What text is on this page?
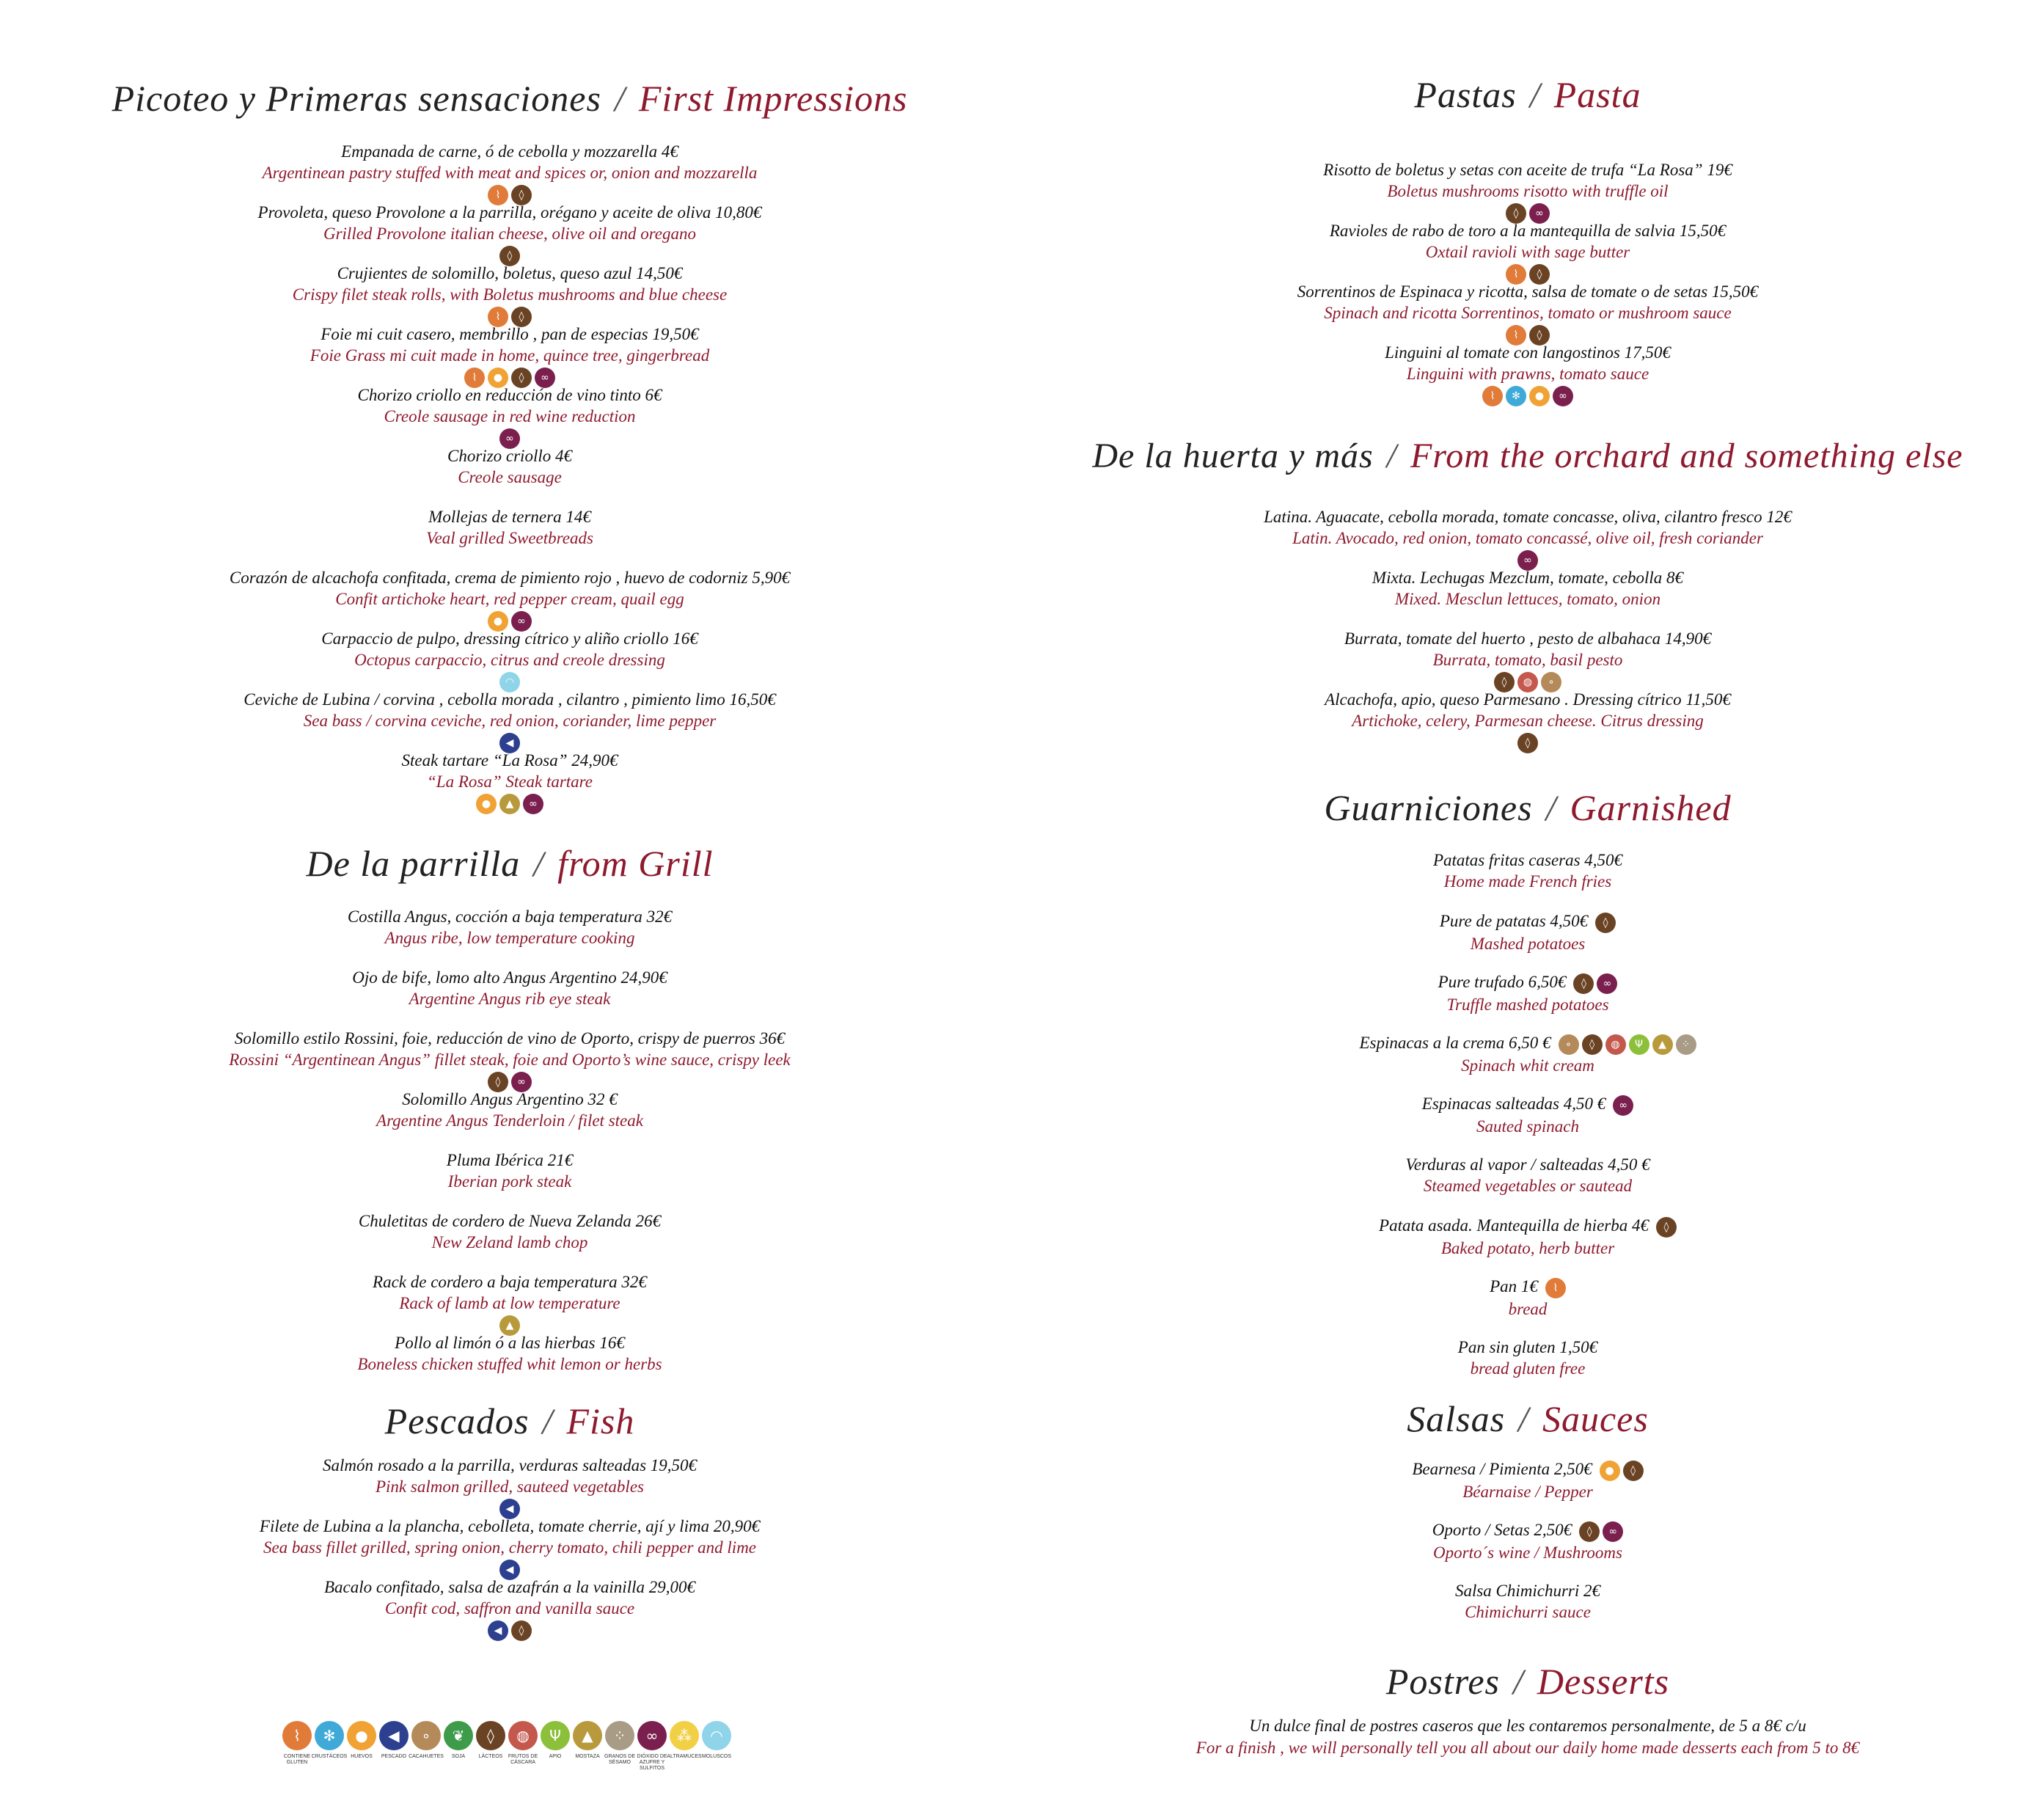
Picoteo y Primeras sensaciones / First Impressions
Empanada de carne, ó de cebolla y mozzarella 4€
Argentinean pastry stuffed with meat and spices or, onion and mozzarella
⌇	◊
Provoleta, queso Provolone a la parrilla, orégano y aceite de oliva 10,80€
Grilled Provolone italian cheese, olive oil and oregano
◊
Crujientes de solomillo, boletus, queso azul 14,50€
Crispy filet steak rolls, with Boletus mushrooms and blue cheese
⌇	◊
Foie mi cuit casero, membrillo , pan de especias 19,50€
Foie Grass mi cuit made in home, quince tree, gingerbread
⌇	●	◊	∞
Chorizo criollo en reducción de vino tinto 6€
Creole sausage in red wine reduction
∞
Chorizo criollo 4€
Creole sausage
Mollejas de ternera 14€
Veal grilled Sweetbreads
Corazón de alcachofa confitada, crema de pimiento rojo , huevo de codorniz 5,90€
Confit artichoke heart, red pepper cream, quail egg
●	∞
Carpaccio de pulpo, dressing cítrico y aliño criollo 16€
Octopus carpaccio, citrus and creole dressing
◠
Ceviche de Lubina / corvina , cebolla morada , cilantro , pimiento limo 16,50€
Sea bass / corvina ceviche, red onion, coriander, lime pepper
◀
Steak tartare “La Rosa” 24,90€
“La Rosa” Steak tartare
●	▲	∞
De la parrilla / from Grill
Costilla Angus, cocción a baja temperatura 32€
Angus ribe, low temperature cooking
Ojo de bife, lomo alto Angus Argentino 24,90€
Argentine Angus rib eye steak
Solomillo estilo Rossini, foie, reducción de vino de Oporto, crispy de puerros 36€
Rossini “Argentinean Angus” fillet steak, foie and Oporto’s wine sauce, crispy leek
◊	∞
Solomillo Angus Argentino 32 €
Argentine Angus Tenderloin / filet steak
Pluma Ibérica 21€
Iberian pork steak
Chuletitas de cordero de Nueva Zelanda 26€
New Zeland lamb chop
Rack de cordero a baja temperatura 32€
Rack of lamb at low temperature
▲
Pollo al limón ó a las hierbas 16€
Boneless chicken stuffed whit lemon or herbs
Pescados / Fish
Salmón rosado a la parrilla, verduras salteadas 19,50€
Pink salmon grilled, sauteed vegetables
◀
Filete de Lubina a la plancha, cebolleta, tomate cherrie, ají y lima 20,90€
Sea bass fillet grilled, spring onion, cherry tomato, chili pepper and lime
◀
Bacalo confitado, salsa de azafrán a la vainilla 29,00€
Confit cod, saffron and vanilla sauce
◀	◊
⌇
CONTIENE GLUTEN
✻
CRUSTÁCEOS
●
HUEVOS
◀
PESCADO
∘
CACAHUETES
❦
SOJA
◊
LÁCTEOS
◍
FRUTOS DE CÁSCARA
Ψ
APIO
▲
MOSTAZA
⁘
GRANOS DE SÉSAMO
∞
DIÓXIDO DE AZUFRE Y SULFITOS
⁂
ALTRAMUCES
◠
MOLUSCOS
Pastas / Pasta
Risotto de boletus y setas con aceite de trufa “La Rosa” 19€
Boletus mushrooms risotto with truffle oil
◊	∞
Ravioles de rabo de toro a la mantequilla de salvia 15,50€
Oxtail ravioli with sage butter
⌇	◊
Sorrentinos de Espinaca y ricotta, salsa de tomate o de setas 15,50€
Spinach and ricotta Sorrentinos, tomato or mushroom sauce
⌇	◊
Linguini al tomate con langostinos 17,50€
Linguini with prawns, tomato sauce
⌇	✻	●	∞
De la huerta y más / From the orchard and something else
Latina. Aguacate, cebolla morada, tomate concasse, oliva, cilantro fresco 12€
Latin. Avocado, red onion, tomato concassé, olive oil, fresh coriander
∞
Mixta. Lechugas Mezclum, tomate, cebolla 8€
Mixed. Mesclun lettuces, tomato, onion
Burrata, tomate del huerto , pesto de albahaca 14,90€
Burrata, tomato, basil pesto
◊	◍	∘
Alcachofa, apio, queso Parmesano . Dressing cítrico 11,50€
Artichoke, celery, Parmesan cheese. Citrus dressing
◊
Guarniciones / Garnished
Patatas fritas caseras 4,50€
Home made French fries
Pure de patatas 4,50€	◊
Mashed potatoes
Pure trufado 6,50€	◊	∞
Truffle mashed potatoes
Espinacas a la crema 6,50 €	∘	◊	◍	Ψ	▲	⁘
Spinach whit cream
Espinacas salteadas 4,50 €	∞
Sauted spinach
Verduras al vapor / salteadas 4,50 €
Steamed vegetables or sautead
Patata asada. Mantequilla de hierba 4€	◊
Baked potato, herb butter
Pan 1€	⌇
bread
Pan sin gluten 1,50€
bread gluten free
Salsas / Sauces
Bearnesa / Pimienta 2,50€	●	◊
Béarnaise / Pepper
Oporto / Setas 2,50€	◊	∞
Oporto´s wine / Mushrooms
Salsa Chimichurri 2€
Chimichurri sauce
Postres / Desserts
Un dulce final de postres caseros que les contaremos personalmente, de 5 a 8€ c/u
For a finish , we will personally tell you all about our daily home made desserts each from 5 to 8€
